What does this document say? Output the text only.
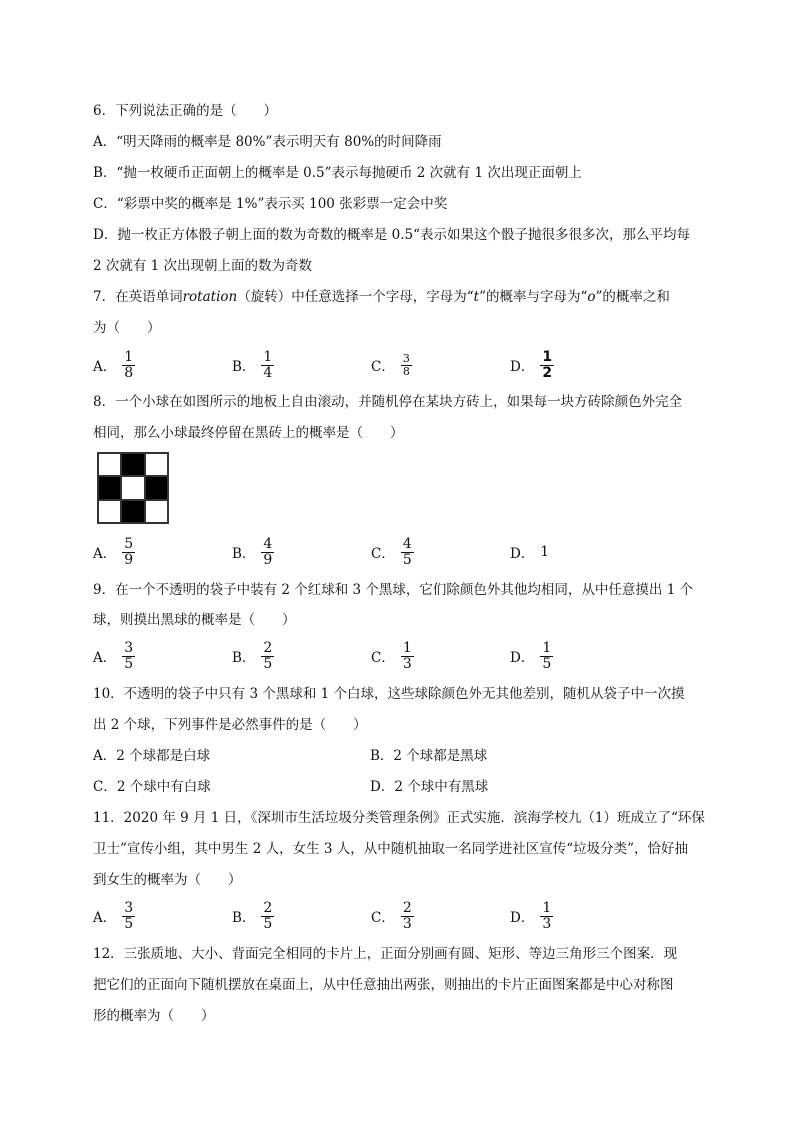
6．下列说法正确的是（　　）
A．“明天降雨的概率是 80%”表示明天有 80%的时间降雨
B．“抛一枚硬币正面朝上的概率是 0.5”表示每抛硬币 2 次就有 1 次出现正面朝上
C．“彩票中奖的概率是 1%”表示买 100 张彩票一定会中奖
D．抛一枚正方体骰子朝上面的数为奇数的概率是 0.5“表示如果这个骰子抛很多很多次，那么平均每
2 次就有 1 次出现朝上面的数为奇数
7．在英语单词rotation（旋转）中任意选择一个字母，字母为“t”的概率与字母为“o”的概率之和
为（　　）
A． $\frac{1}{8}$	B． $\frac{1}{4}$	C． $\frac{3}{8}$	D． $\frac{1}{2}$
8．一个小球在如图所示的地板上自由滚动，并随机停在某块方砖上，如果每一块方砖除颜色外完全
相同，那么小球最终停留在黑砖上的概率是（　　）
A． $\frac{5}{9}$	B． $\frac{4}{9}$	C． $\frac{4}{5}$	D． 1
9．在一个不透明的袋子中装有 2 个红球和 3 个黑球，它们除颜色外其他均相同，从中任意摸出 1 个
球，则摸出黑球的概率是（　　）
A． $\frac{3}{5}$	B． $\frac{2}{5}$	C． $\frac{1}{3}$	D． $\frac{1}{5}$
10．不透明的袋子中只有 3 个黑球和 1 个白球，这些球除颜色外无其他差别，随机从袋子中一次摸
出 2 个球，下列事件是必然事件的是（　　）
A．2 个球都是白球	B．2 个球都是黑球
C．2 个球中有白球	D．2 个球中有黑球
11．2020 年 9 月 1 日，《深圳市生活垃圾分类管理条例》正式实施．滨海学校九（1）班成立了“环保
卫士”宣传小组，其中男生 2 人，女生 3 人，从中随机抽取一名同学进社区宣传“垃圾分类”，恰好抽
到女生的概率为（　　）
A． $\frac{3}{5}$	B． $\frac{2}{5}$	C． $\frac{2}{3}$	D． $\frac{1}{3}$
12．三张质地、大小、背面完全相同的卡片上，正面分别画有圆、矩形、等边三角形三个图案．现
把它们的正面向下随机摆放在桌面上，从中任意抽出两张，则抽出的卡片正面图案都是中心对称图
形的概率为（　　）
